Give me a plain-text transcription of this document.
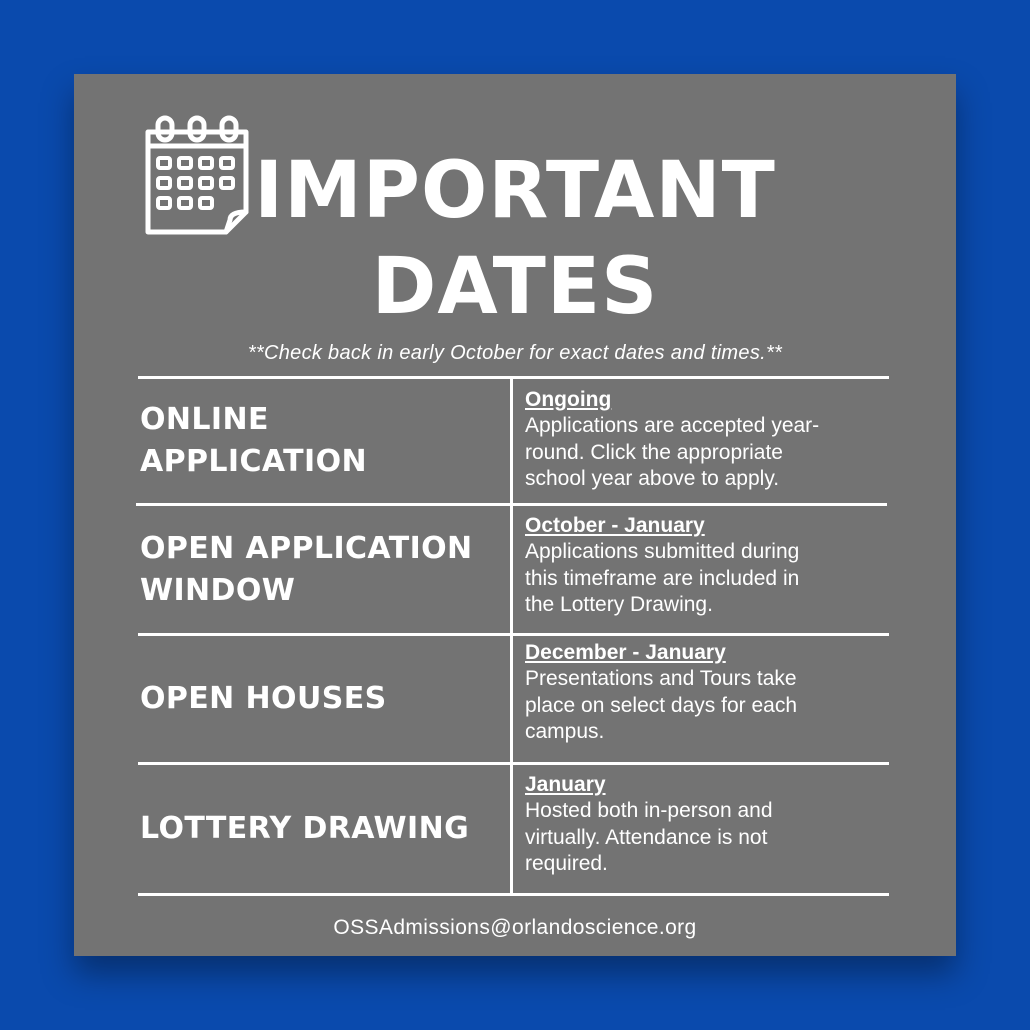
IMPORTANT
DATES
**Check back in early October for exact dates and times.**
ONLINE
APPLICATION
Ongoing
Applications are accepted year-
round. Click the appropriate
school year above to apply.
OPEN APPLICATION
WINDOW
October - January
Applications submitted during
this timeframe are included in
the Lottery Drawing.
OPEN HOUSES
December - January
Presentations and Tours take
place on select days for each
campus.
LOTTERY DRAWING
January
Hosted both in-person and
virtually. Attendance is not
required.
OSSAdmissions@orlandoscience.org
